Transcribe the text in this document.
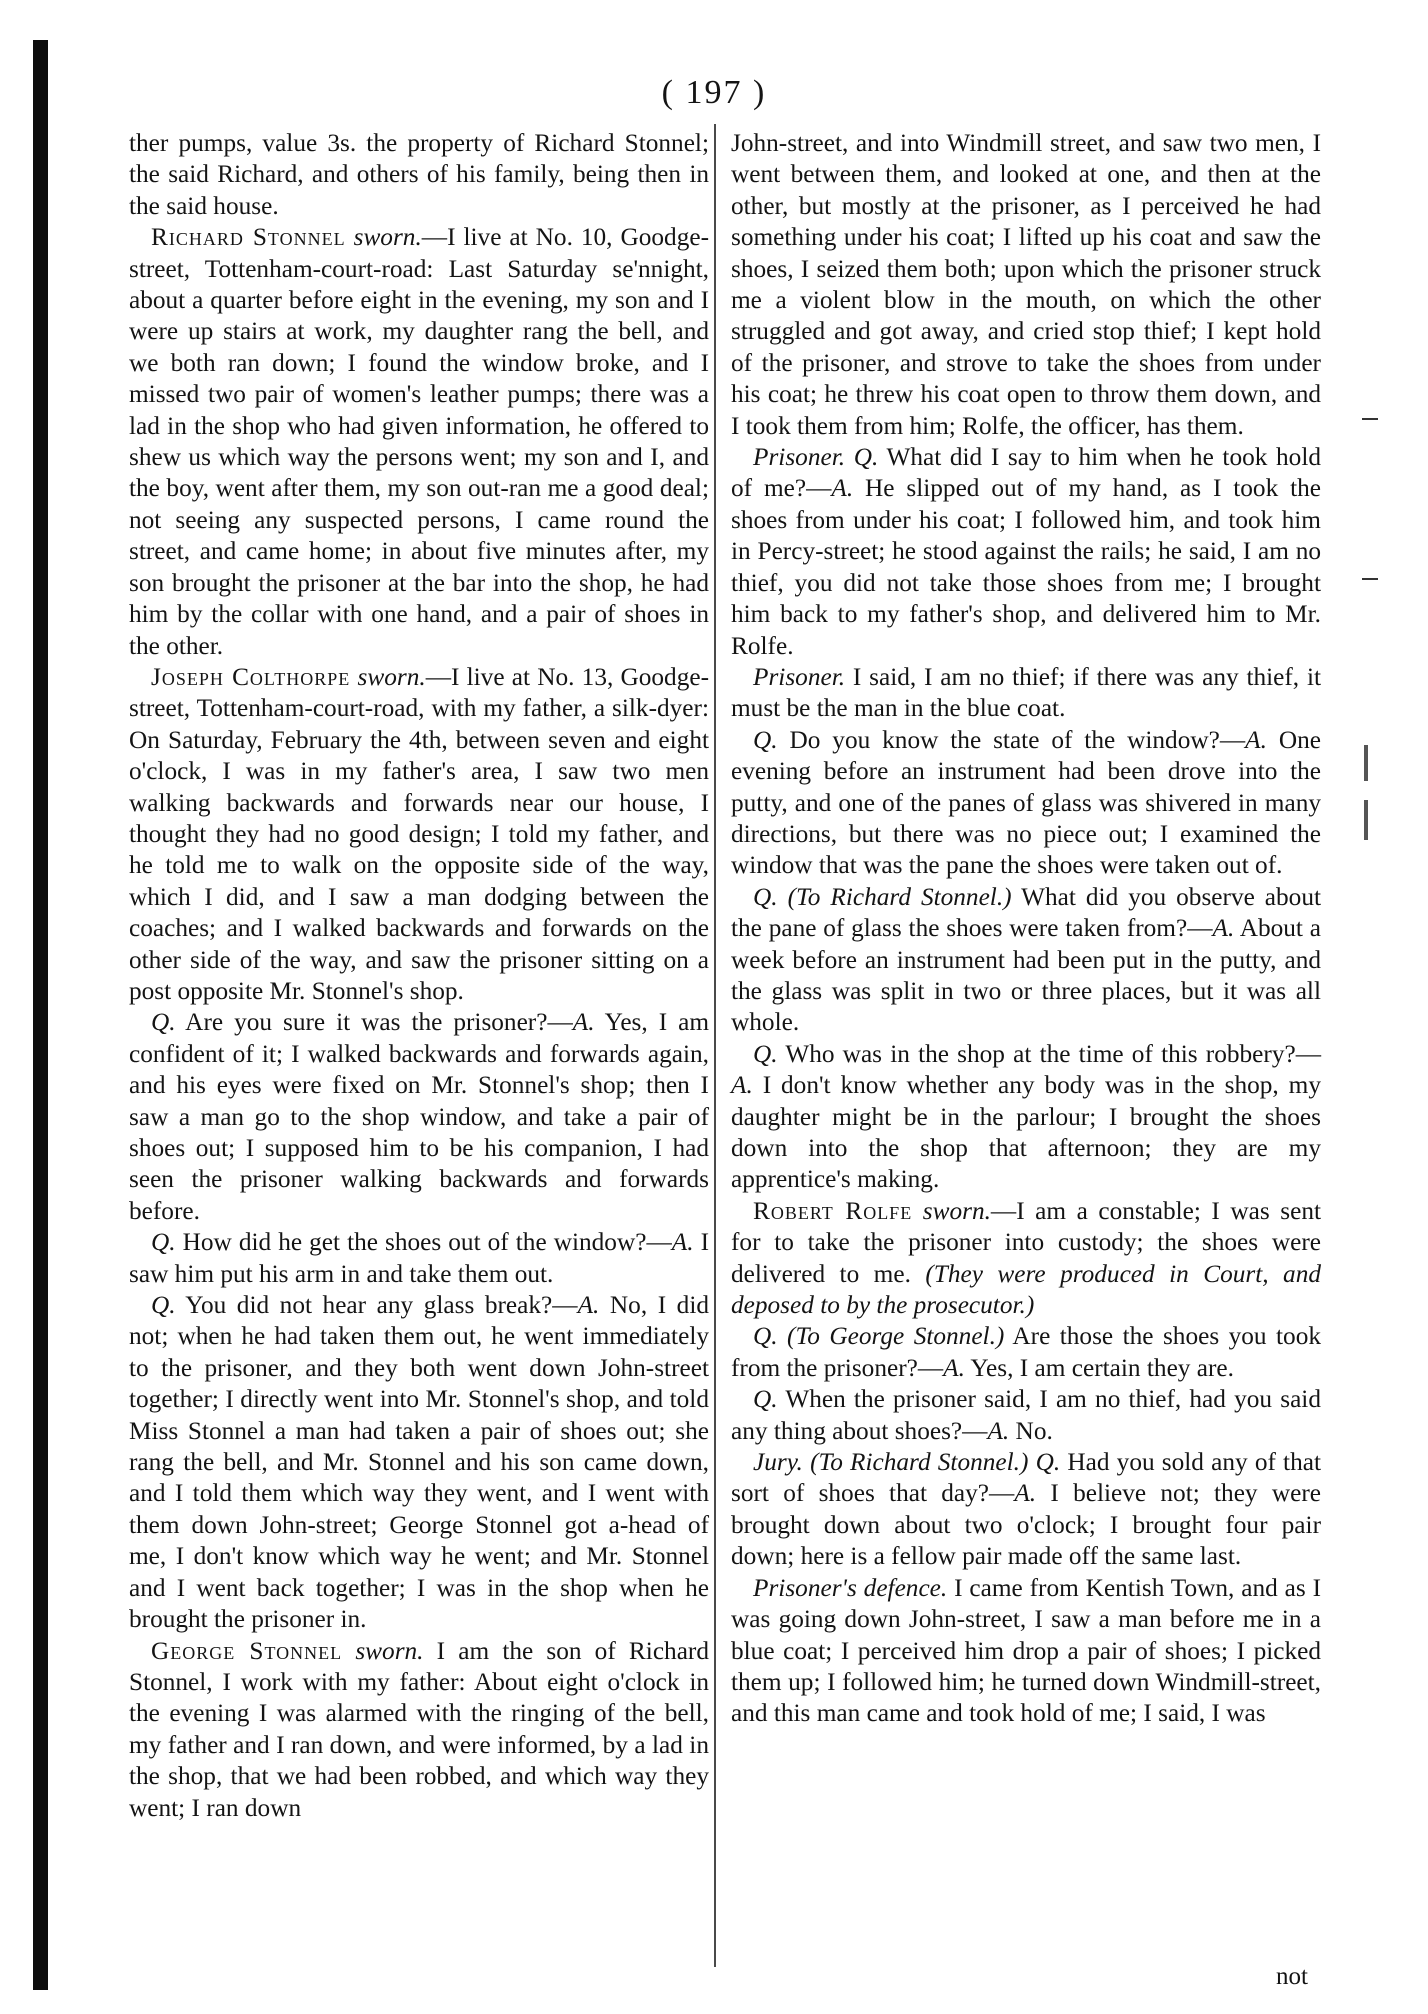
( 197 )

ther pumps, value 3s. the property of Richard Stonnel; the said Richard, and others of his family, being then in the said house.

Richard Stonnel sworn.—I live at No. 10, Goodge-street, Tottenham-court-road: Last Saturday se'nnight, about a quarter before eight in the evening, my son and I were up stairs at work, my daughter rang the bell, and we both ran down; I found the window broke, and I missed two pair of women's leather pumps; there was a lad in the shop who had given information, he offered to shew us which way the persons went; my son and I, and the boy, went after them, my son out-ran me a good deal; not seeing any suspected persons, I came round the street, and came home; in about five minutes after, my son brought the prisoner at the bar into the shop, he had him by the collar with one hand, and a pair of shoes in the other.

Joseph Colthorpe sworn.—I live at No. 13, Goodge-street, Tottenham-court-road, with my father, a silk-dyer: On Saturday, February the 4th, between seven and eight o'clock, I was in my father's area, I saw two men walking backwards and forwards near our house, I thought they had no good design; I told my father, and he told me to walk on the opposite side of the way, which I did, and I saw a man dodging between the coaches; and I walked backwards and forwards on the other side of the way, and saw the prisoner sitting on a post opposite Mr. Stonnel's shop.

Q. Are you sure it was the prisoner?—A. Yes, I am confident of it; I walked backwards and forwards again, and his eyes were fixed on Mr. Stonnel's shop; then I saw a man go to the shop window, and take a pair of shoes out; I supposed him to be his companion, I had seen the prisoner walking backwards and forwards before.

Q. How did he get the shoes out of the window?—A. I saw him put his arm in and take them out.

Q. You did not hear any glass break?—A. No, I did not; when he had taken them out, he went immediately to the prisoner, and they both went down John-street together; I directly went into Mr. Stonnel's shop, and told Miss Stonnel a man had taken a pair of shoes out; she rang the bell, and Mr. Stonnel and his son came down, and I told them which way they went, and I went with them down John-street; George Stonnel got a-head of me, I don't know which way he went; and Mr. Stonnel and I went back together; I was in the shop when he brought the prisoner in.

George Stonnel sworn. I am the son of Richard Stonnel, I work with my father: About eight o'clock in the evening I was alarmed with the ringing of the bell, my father and I ran down, and were informed, by a lad in the shop, that we had been robbed, and which way they went; I ran down

John-street, and into Windmill street, and saw two men, I went between them, and looked at one, and then at the other, but mostly at the prisoner, as I perceived he had something under his coat; I lifted up his coat and saw the shoes, I seized them both; upon which the prisoner struck me a violent blow in the mouth, on which the other struggled and got away, and cried stop thief; I kept hold of the prisoner, and strove to take the shoes from under his coat; he threw his coat open to throw them down, and I took them from him; Rolfe, the officer, has them.

Prisoner. Q. What did I say to him when he took hold of me?—A. He slipped out of my hand, as I took the shoes from under his coat; I followed him, and took him in Percy-street; he stood against the rails; he said, I am no thief, you did not take those shoes from me; I brought him back to my father's shop, and delivered him to Mr. Rolfe.

Prisoner. I said, I am no thief; if there was any thief, it must be the man in the blue coat.

Q. Do you know the state of the window?—A. One evening before an instrument had been drove into the putty, and one of the panes of glass was shivered in many directions, but there was no piece out; I examined the window that was the pane the shoes were taken out of.

Q. (To Richard Stonnel.) What did you observe about the pane of glass the shoes were taken from?—A. About a week before an instrument had been put in the putty, and the glass was split in two or three places, but it was all whole.

Q. Who was in the shop at the time of this robbery?—A. I don't know whether any body was in the shop, my daughter might be in the parlour; I brought the shoes down into the shop that afternoon; they are my apprentice's making.

Robert Rolfe sworn.—I am a constable; I was sent for to take the prisoner into custody; the shoes were delivered to me. (They were produced in Court, and deposed to by the prosecutor.)

Q. (To George Stonnel.) Are those the shoes you took from the prisoner?—A. Yes, I am certain they are.

Q. When the prisoner said, I am no thief, had you said any thing about shoes?—A. No.

Jury. (To Richard Stonnel.) Q. Had you sold any of that sort of shoes that day?—A. I believe not; they were brought down about two o'clock; I brought four pair down; here is a fellow pair made off the same last.

Prisoner's defence. I came from Kentish Town, and as I was going down John-street, I saw a man before me in a blue coat; I perceived him drop a pair of shoes; I picked them up; I followed him; he turned down Windmill-street, and this man came and took hold of me; I said, I was

not
